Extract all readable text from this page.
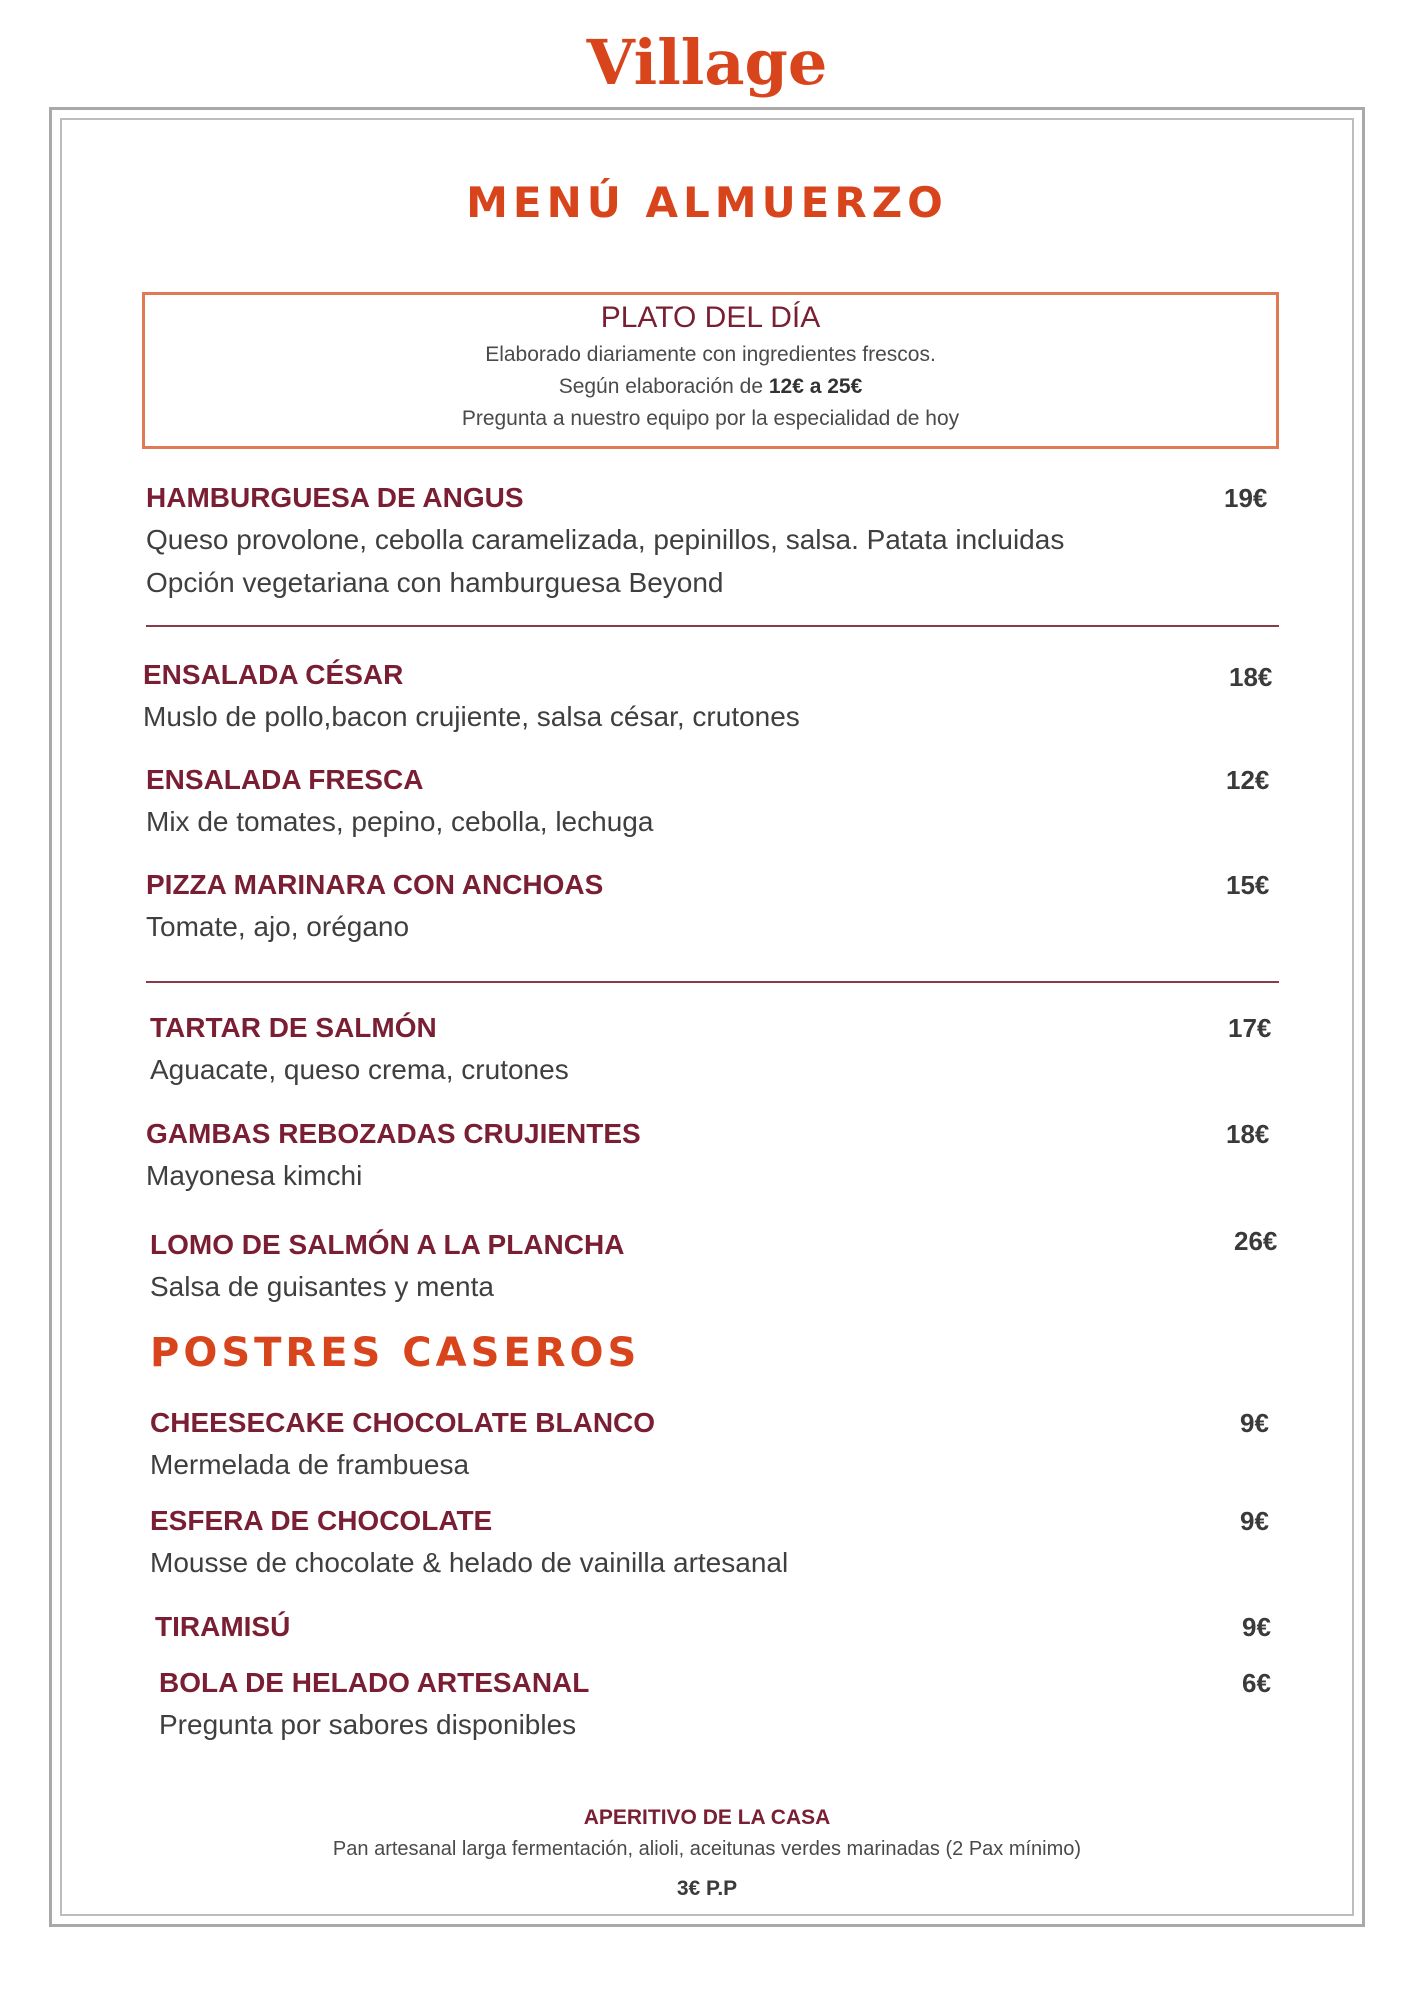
Village
MENÚ ALMUERZO
PLATO DEL DÍA
Elaborado diariamente con ingredientes frescos.
Según elaboración de 12€ a 25€
Pregunta a nuestro equipo por la especialidad de hoy
HAMBURGUESA DE ANGUS	19€
Queso provolone, cebolla caramelizada, pepinillos, salsa. Patata incluidas
Opción vegetariana con hamburguesa Beyond
ENSALADA CÉSAR	18€
Muslo de pollo,bacon crujiente, salsa césar, crutones
ENSALADA FRESCA	12€
Mix de tomates, pepino, cebolla, lechuga
PIZZA MARINARA CON ANCHOAS	15€
Tomate, ajo, orégano
TARTAR DE SALMÓN	17€
Aguacate, queso crema, crutones
GAMBAS REBOZADAS CRUJIENTES	18€
Mayonesa kimchi
LOMO DE SALMÓN A LA PLANCHA	26€
Salsa de guisantes y menta
POSTRES CASEROS
CHEESECAKE CHOCOLATE BLANCO	9€
Mermelada de frambuesa
ESFERA DE CHOCOLATE	9€
Mousse de chocolate & helado de vainilla artesanal
TIRAMISÚ	9€
BOLA DE HELADO ARTESANAL	6€
Pregunta por sabores disponibles
APERITIVO DE LA CASA
Pan artesanal larga fermentación, alioli, aceitunas verdes marinadas (2 Pax mínimo)
3€ P.P
